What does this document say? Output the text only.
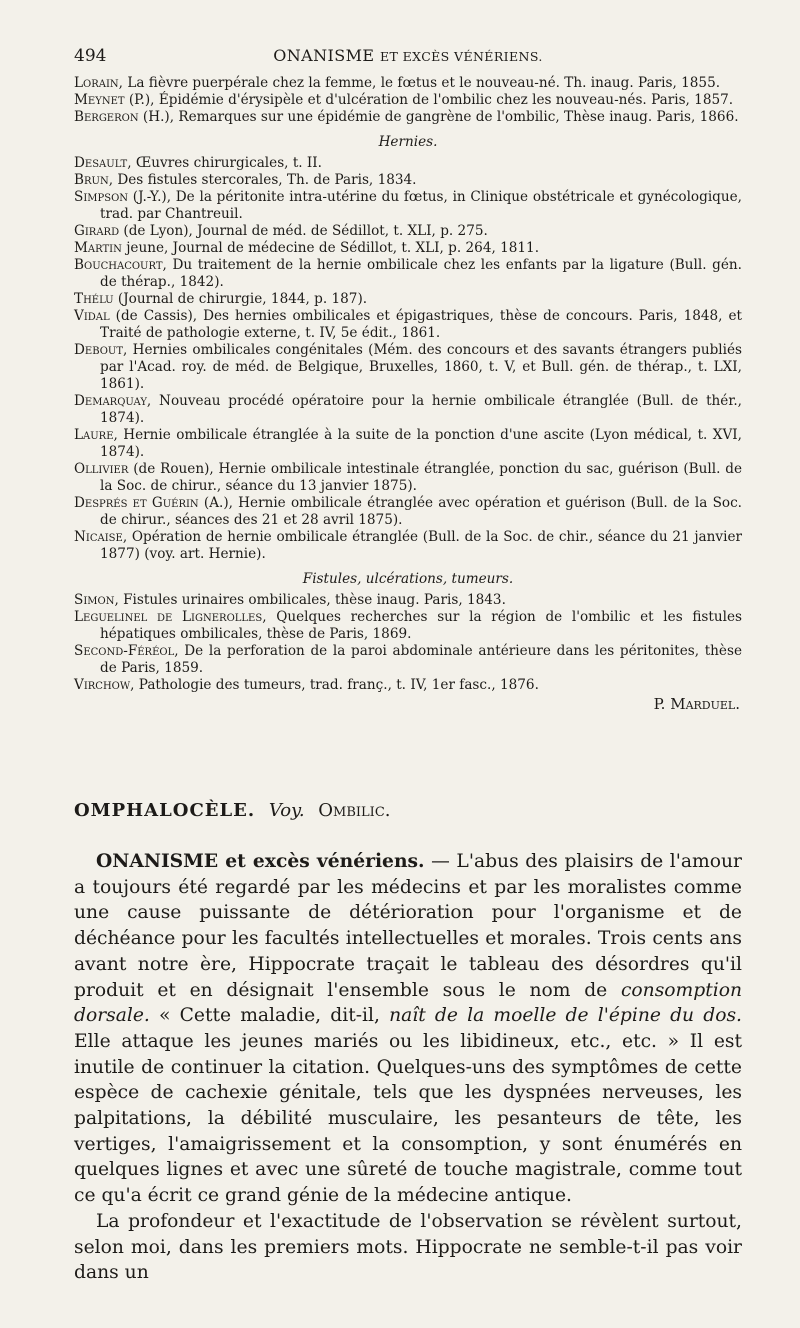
494	ONANISME ET EXCÈS VÉNÉRIENS.

Lorain, La fièvre puerpérale chez la femme, le fœtus et le nouveau-né. Th. inaug. Paris, 1855.

Meynet (P.), Épidémie d'érysipèle et d'ulcération de l'ombilic chez les nouveau-nés. Paris, 1857.

Bergeron (H.), Remarques sur une épidémie de gangrène de l'ombilic, Thèse inaug. Paris, 1866.

Hernies.

Desault, Œuvres chirurgicales, t. II.

Brun, Des fistules stercorales, Th. de Paris, 1834.

Simpson (J.-Y.), De la péritonite intra-utérine du fœtus, in Clinique obstétricale et gynécologique, trad. par Chantreuil.

Girard (de Lyon), Journal de méd. de Sédillot, t. XLI, p. 275.

Martin jeune, Journal de médecine de Sédillot, t. XLI, p. 264, 1811.

Bouchacourt, Du traitement de la hernie ombilicale chez les enfants par la ligature (Bull. gén. de thérap., 1842).

Thélu (Journal de chirurgie, 1844, p. 187).

Vidal (de Cassis), Des hernies ombilicales et épigastriques, thèse de concours. Paris, 1848, et Traité de pathologie externe, t. IV, 5e édit., 1861.

Debout, Hernies ombilicales congénitales (Mém. des concours et des savants étrangers publiés par l'Acad. roy. de méd. de Belgique, Bruxelles, 1860, t. V, et Bull. gén. de thérap., t. LXI, 1861).

Demarquay, Nouveau procédé opératoire pour la hernie ombilicale étranglée (Bull. de thér., 1874).

Laure, Hernie ombilicale étranglée à la suite de la ponction d'une ascite (Lyon médical, t. XVI, 1874).

Ollivier (de Rouen), Hernie ombilicale intestinale étranglée, ponction du sac, guérison (Bull. de la Soc. de chirur., séance du 13 janvier 1875).

Després et Guérin (A.), Hernie ombilicale étranglée avec opération et guérison (Bull. de la Soc. de chirur., séances des 21 et 28 avril 1875).

Nicaise, Opération de hernie ombilicale étranglée (Bull. de la Soc. de chir., séance du 21 janvier 1877) (voy. art. Hernie).

Fistules, ulcérations, tumeurs.

Simon, Fistules urinaires ombilicales, thèse inaug. Paris, 1843.

Leguelinel de Lignerolles, Quelques recherches sur la région de l'ombilic et les fistules hépatiques ombilicales, thèse de Paris, 1869.

Second-Féréol, De la perforation de la paroi abdominale antérieure dans les péritonites, thèse de Paris, 1859.

Virchow, Pathologie des tumeurs, trad. franç., t. IV, 1er fasc., 1876.

P. Marduel.

OMPHALOCÈLE. Voy. Ombilic.

ONANISME et excès vénériens. — L'abus des plaisirs de l'amour a toujours été regardé par les médecins et par les moralistes comme une cause puissante de détérioration pour l'organisme et de déchéance pour les facultés intellectuelles et morales. Trois cents ans avant notre ère, Hippocrate traçait le tableau des désordres qu'il produit et en désignait l'ensemble sous le nom de consomption dorsale. « Cette maladie, dit-il, naît de la moelle de l'épine du dos. Elle attaque les jeunes mariés ou les libidineux, etc., etc. » Il est inutile de continuer la citation. Quelques-uns des symptômes de cette espèce de cachexie génitale, tels que les dyspnées nerveuses, les palpitations, la débilité musculaire, les pesanteurs de tête, les vertiges, l'amaigrissement et la consomption, y sont énumérés en quelques lignes et avec une sûreté de touche magistrale, comme tout ce qu'a écrit ce grand génie de la médecine antique.

La profondeur et l'exactitude de l'observation se révèlent surtout, selon moi, dans les premiers mots. Hippocrate ne semble-t-il pas voir dans un
